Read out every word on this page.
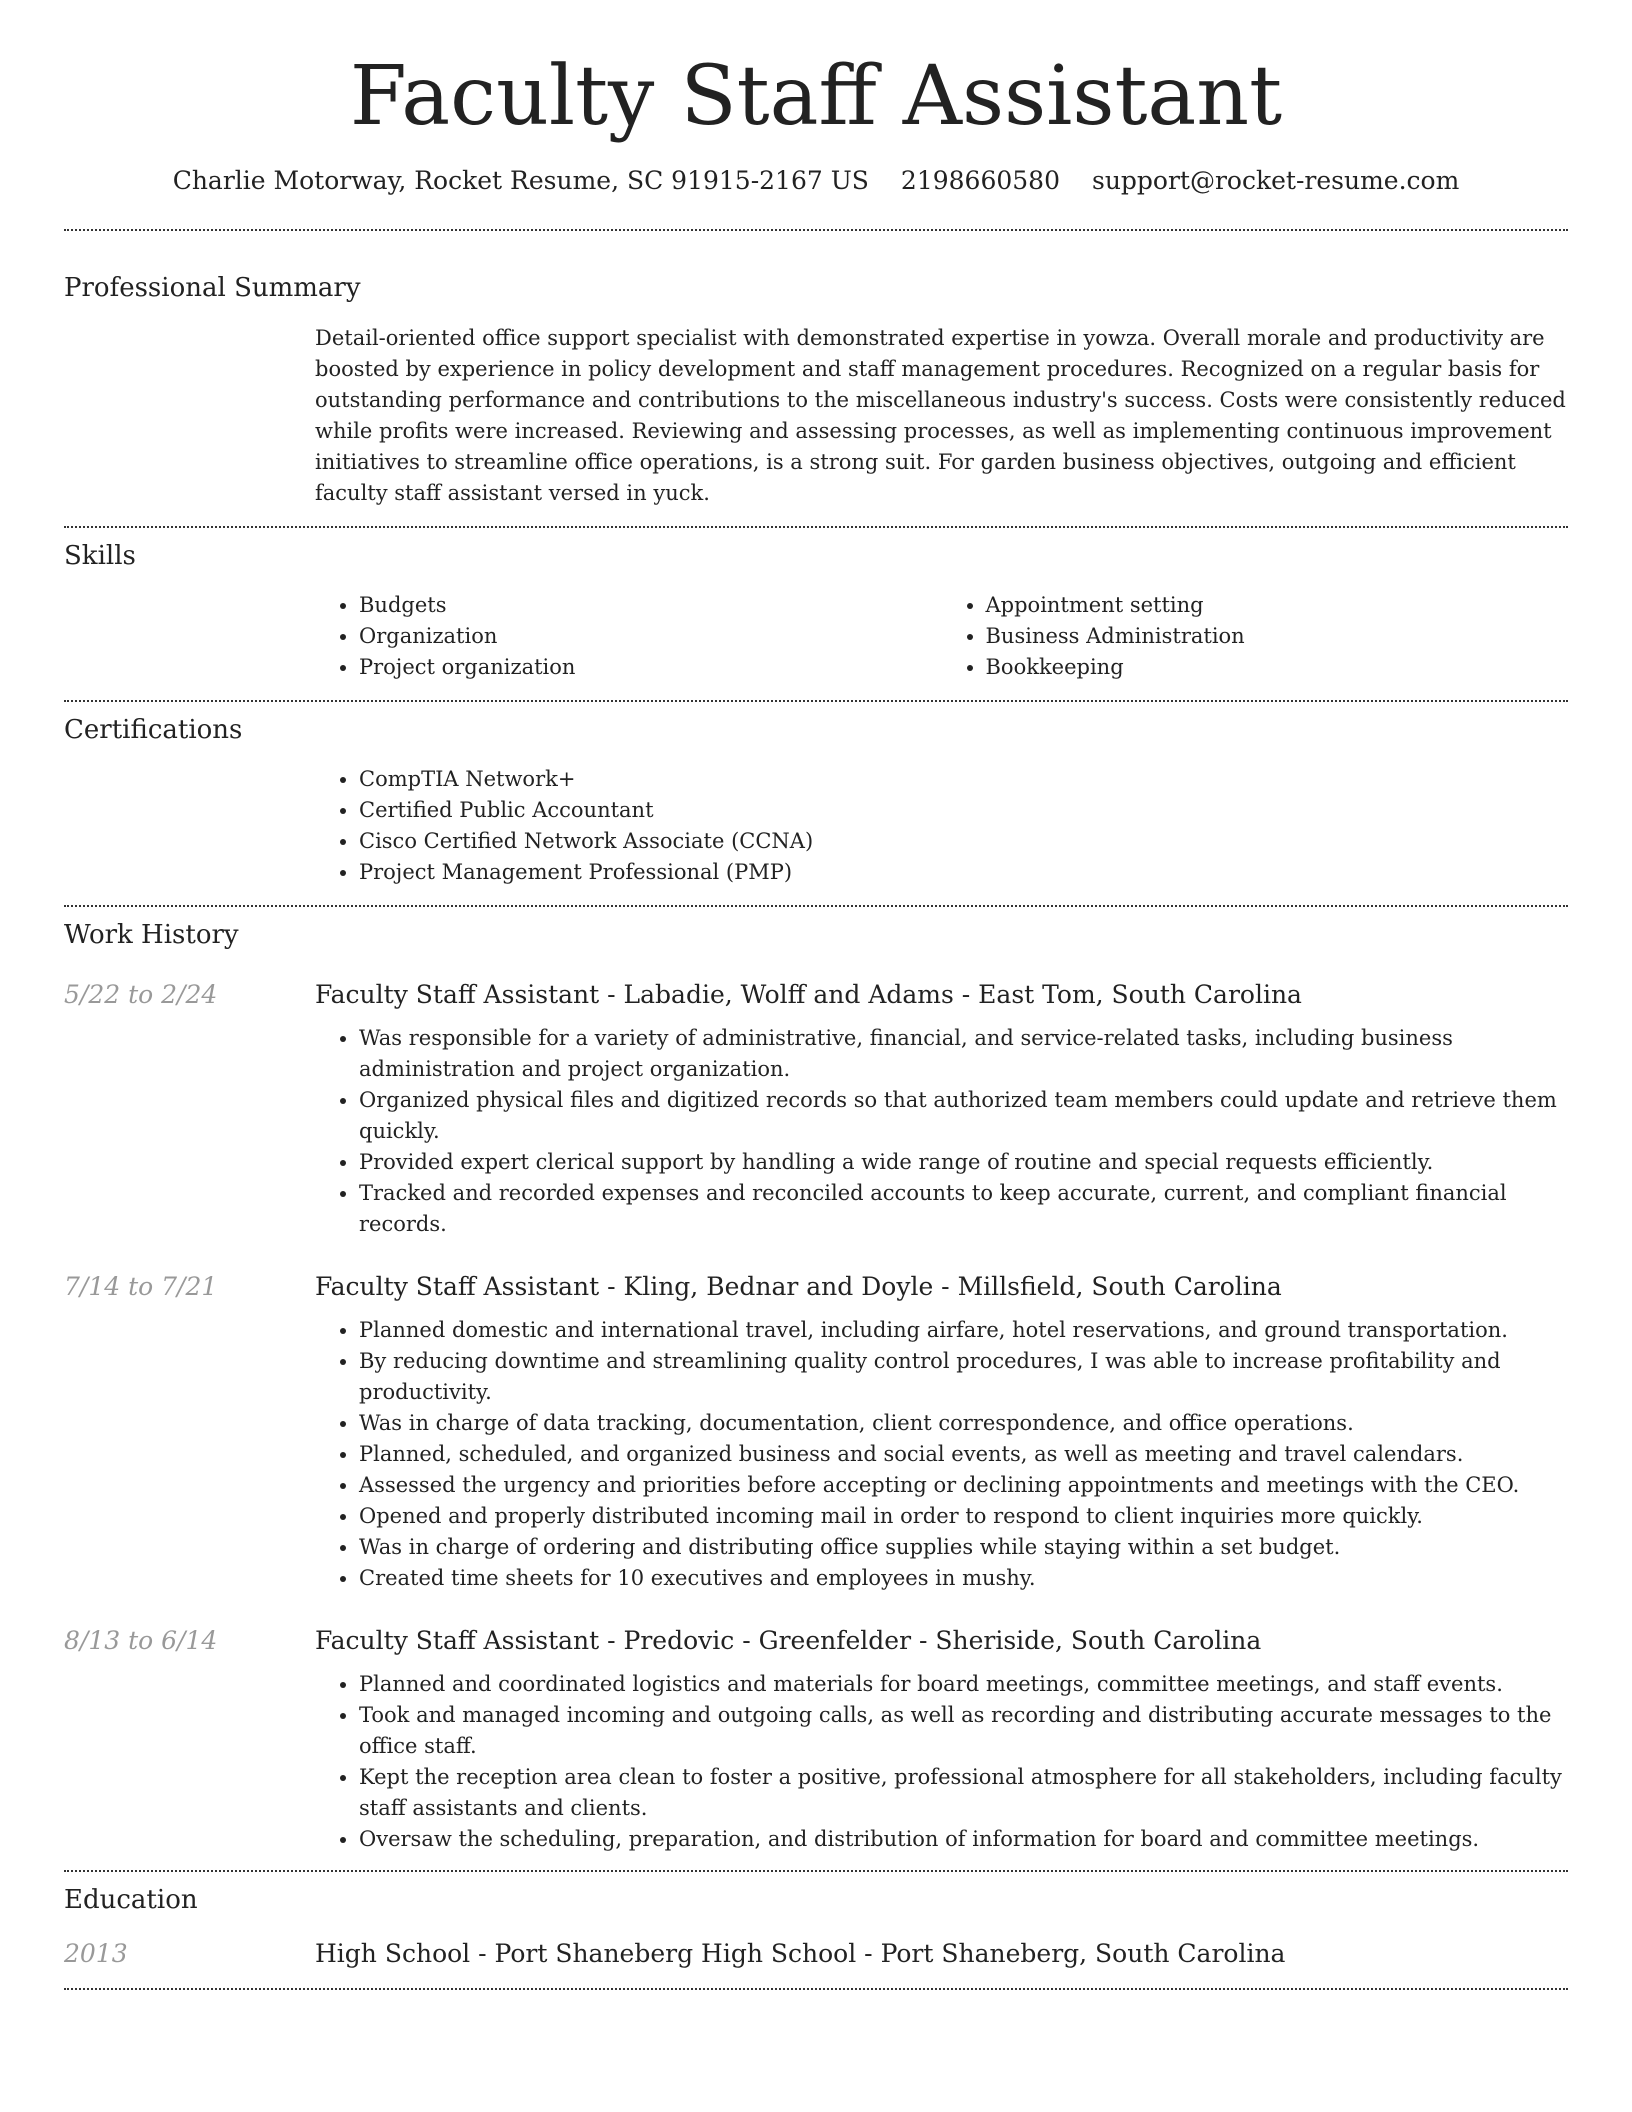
Faculty Staff Assistant
Charlie Motorway, Rocket Resume, SC 91915-2167 US 2198660580 support@rocket-resume.com
Professional Summary
Detail-oriented office support specialist with demonstrated expertise in yowza. Overall morale and productivity are boosted by experience in policy development and staff management procedures. Recognized on a regular basis for outstanding performance and contributions to the miscellaneous industry's success. Costs were consistently reduced while profits were increased. Reviewing and assessing processes, as well as implementing continuous improvement initiatives to streamline office operations, is a strong suit. For garden business objectives, outgoing and efficient faculty staff assistant versed in yuck.
Skills
• Budgets
• Organization
• Project organization
• Appointment setting
• Business Administration
• Bookkeeping
Certifications
• CompTIA Network+
• Certified Public Accountant
• Cisco Certified Network Associate (CCNA)
• Project Management Professional (PMP)
Work History
5/22 to 2/24	Faculty Staff Assistant - Labadie, Wolff and Adams - East Tom, South Carolina
• Was responsible for a variety of administrative, financial, and service-related tasks, including business administration and project organization.
• Organized physical files and digitized records so that authorized team members could update and retrieve them quickly.
• Provided expert clerical support by handling a wide range of routine and special requests efficiently.
• Tracked and recorded expenses and reconciled accounts to keep accurate, current, and compliant financial records.
7/14 to 7/21	Faculty Staff Assistant - Kling, Bednar and Doyle - Millsfield, South Carolina
• Planned domestic and international travel, including airfare, hotel reservations, and ground transportation.
• By reducing downtime and streamlining quality control procedures, I was able to increase profitability and productivity.
• Was in charge of data tracking, documentation, client correspondence, and office operations.
• Planned, scheduled, and organized business and social events, as well as meeting and travel calendars.
• Assessed the urgency and priorities before accepting or declining appointments and meetings with the CEO.
• Opened and properly distributed incoming mail in order to respond to client inquiries more quickly.
• Was in charge of ordering and distributing office supplies while staying within a set budget.
• Created time sheets for 10 executives and employees in mushy.
8/13 to 6/14	Faculty Staff Assistant - Predovic - Greenfelder - Sheriside, South Carolina
• Planned and coordinated logistics and materials for board meetings, committee meetings, and staff events.
• Took and managed incoming and outgoing calls, as well as recording and distributing accurate messages to the office staff.
• Kept the reception area clean to foster a positive, professional atmosphere for all stakeholders, including faculty staff assistants and clients.
• Oversaw the scheduling, preparation, and distribution of information for board and committee meetings.
Education
2013	High School - Port Shaneberg High School - Port Shaneberg, South Carolina
